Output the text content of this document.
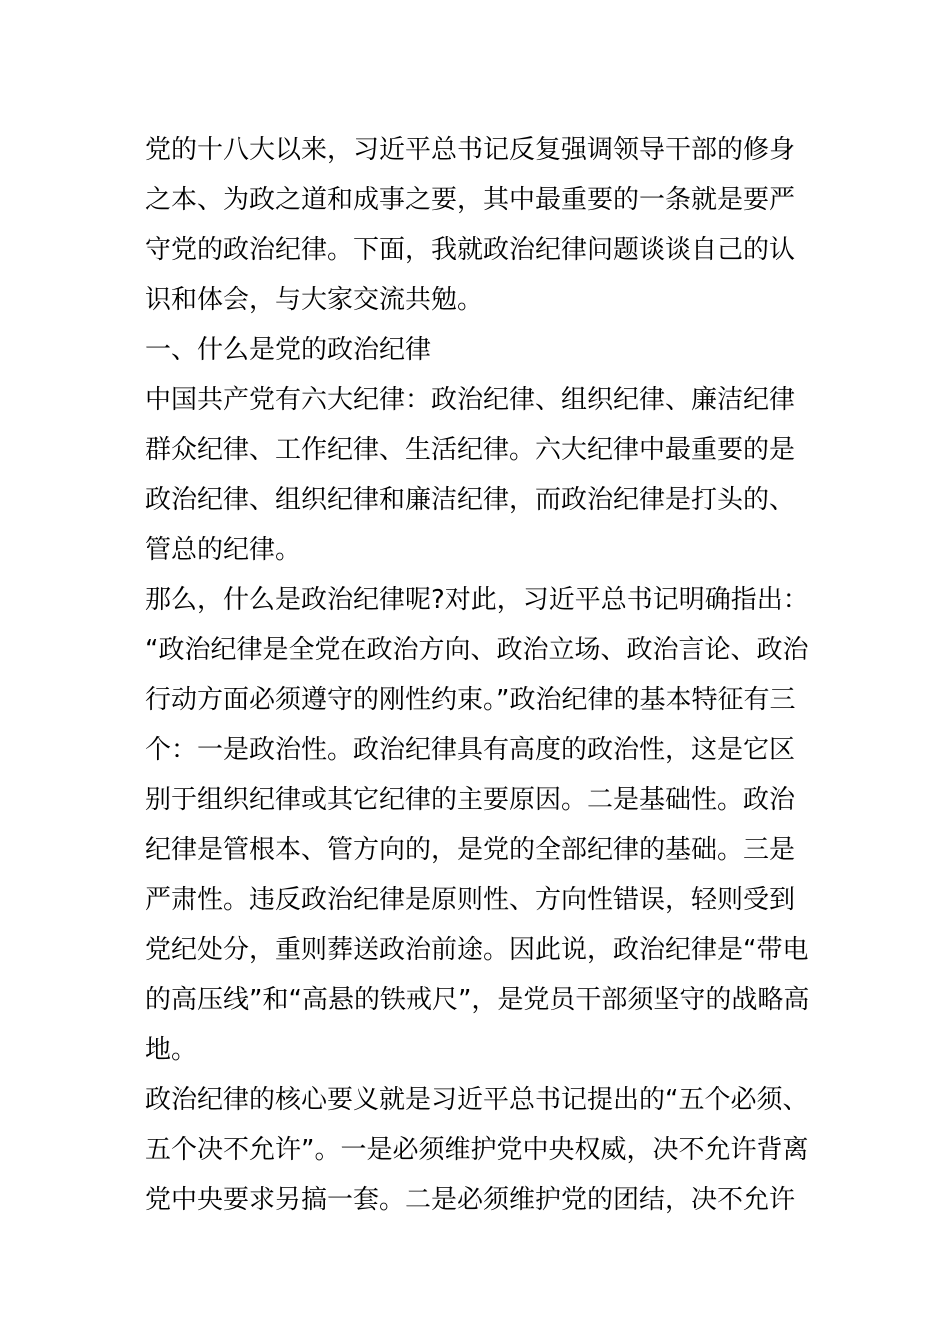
党的十八大以来，习近平总书记反复强调领导干部的修身
之本、为政之道和成事之要，其中最重要的一条就是要严
守党的政治纪律。下面，我就政治纪律问题谈谈自己的认
识和体会，与大家交流共勉。
一、什么是党的政治纪律
中国共产党有六大纪律：政治纪律、组织纪律、廉洁纪律
群众纪律、工作纪律、生活纪律。六大纪律中最重要的是
政治纪律、组织纪律和廉洁纪律，而政治纪律是打头的、
管总的纪律。
那么，什么是政治纪律呢?对此，习近平总书记明确指出：
“政治纪律是全党在政治方向、政治立场、政治言论、政治
行动方面必须遵守的刚性约束。”政治纪律的基本特征有三
个：一是政治性。政治纪律具有高度的政治性，这是它区
别于组织纪律或其它纪律的主要原因。二是基础性。政治
纪律是管根本、管方向的，是党的全部纪律的基础。三是
严肃性。违反政治纪律是原则性、方向性错误，轻则受到
党纪处分，重则葬送政治前途。因此说，政治纪律是“带电
的高压线”和“高悬的铁戒尺”，是党员干部须坚守的战略高
地。
政治纪律的核心要义就是习近平总书记提出的“五个必须、
五个决不允许”。一是必须维护党中央权威，决不允许背离
党中央要求另搞一套。二是必须维护党的团结，决不允许
